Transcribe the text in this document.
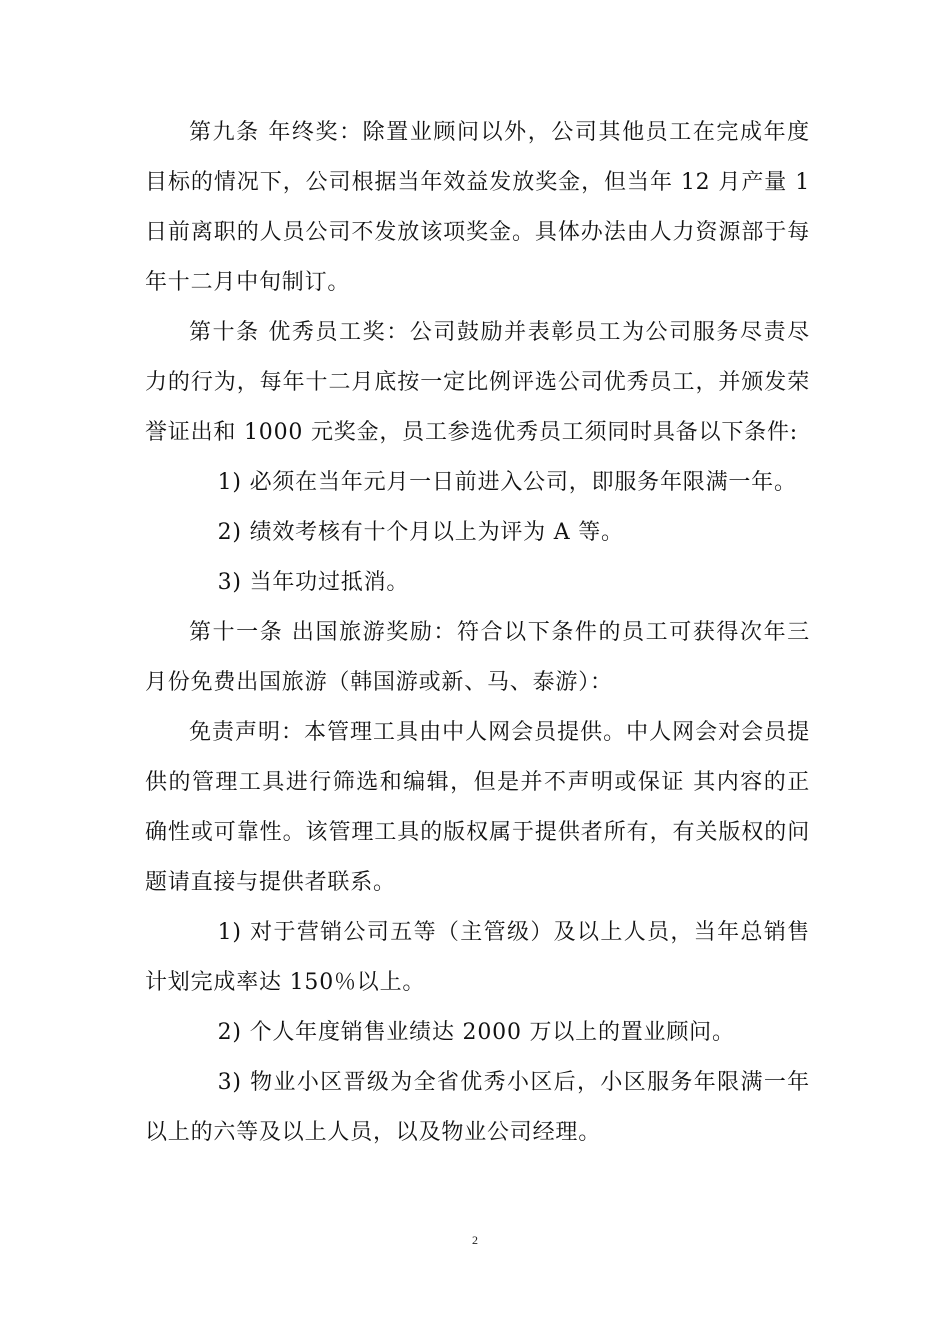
第九条 年终奖：除置业顾问以外，公司其他员工在完成年度目标的情况下，公司根据当年效益发放奖金，但当年 12 月产量 1 日前离职的人员公司不发放该项奖金。具体办法由人力资源部于每年十二月中旬制订。

第十条 优秀员工奖：公司鼓励并表彰员工为公司服务尽责尽力的行为，每年十二月底按一定比例评选公司优秀员工，并颁发荣誉证出和 1000 元奖金，员工参选优秀员工须同时具备以下条件:

1) 必须在当年元月一日前进入公司，即服务年限满一年。

2) 绩效考核有十个月以上为评为 A 等。

3) 当年功过抵消。

第十一条 出国旅游奖励：符合以下条件的员工可获得次年三月份免费出国旅游（韩国游或新、马、泰游）：

免责声明：本管理工具由中人网会员提供。中人网会对会员提供的管理工具进行筛选和编辑，但是并不声明或保证 其内容的正确性或可靠性。该管理工具的版权属于提供者所有，有关版权的问题请直接与提供者联系。

1) 对于营销公司五等（主管级）及以上人员，当年总销售计划完成率达 150％以上。

2) 个人年度销售业绩达 2000 万以上的置业顾问。

3) 物业小区晋级为全省优秀小区后，小区服务年限满一年以上的六等及以上人员，以及物业公司经理。

2
